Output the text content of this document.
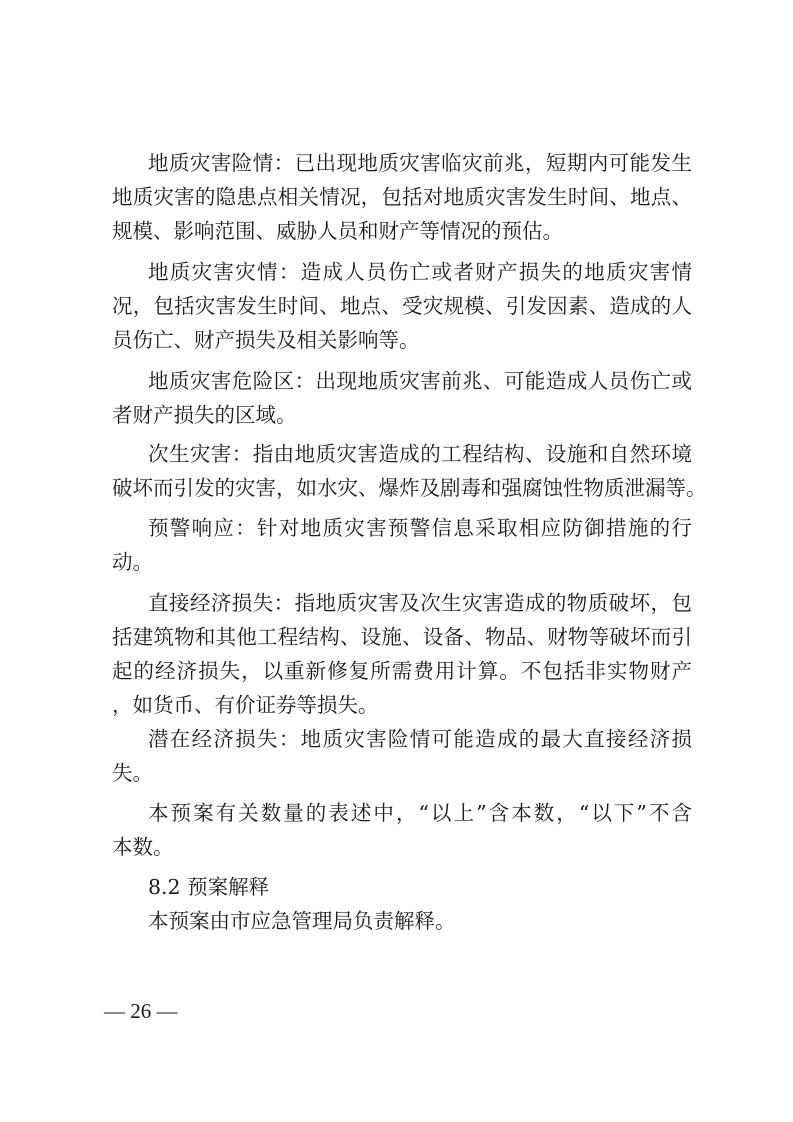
地质灾害险情：已出现地质灾害临灾前兆，短期内可能发生
地质灾害的隐患点相关情况，包括对地质灾害发生时间、地点、
规模、影响范围、威胁人员和财产等情况的预估。
地质灾害灾情：造成人员伤亡或者财产损失的地质灾害情
况，包括灾害发生时间、地点、受灾规模、引发因素、造成的人
员伤亡、财产损失及相关影响等。
地质灾害危险区：出现地质灾害前兆、可能造成人员伤亡或
者财产损失的区域。
次生灾害：指由地质灾害造成的工程结构、设施和自然环境
破坏而引发的灾害，如水灾、爆炸及剧毒和强腐蚀性物质泄漏等。
预警响应：针对地质灾害预警信息采取相应防御措施的行
动。
直接经济损失：指地质灾害及次生灾害造成的物质破坏，包
括建筑物和其他工程结构、设施、设备、物品、财物等破坏而引
起的经济损失，以重新修复所需费用计算。不包括非实物财产
，如货币、有价证券等损失。
潜在经济损失：地质灾害险情可能造成的最大直接经济损
失。
本预案有关数量的表述中，“以上”含本数，“以下”不含
本数。
8.2 预案解释
本预案由市应急管理局负责解释。
— 26 —
